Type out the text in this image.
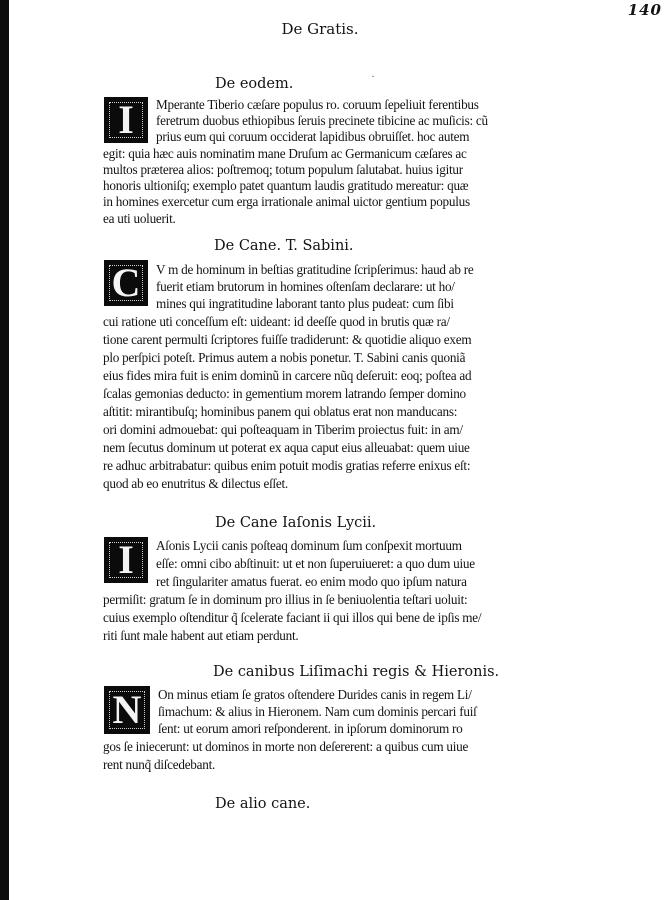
140
De Gratis.
De eodem.
I Mperante Tiberio cæſare populus ro. coruum ſepeliuit ferentibus
feretrum duobus ethiopibus ſeruis precinete tibicine ac muſicis: cũ
prius eum qui coruum occiderat lapidibus obruiſſet. hoc autem
egit: quia hæc auis nominatim mane Druſum ac Germanicum cæſares ac
multos præterea alios: poſtremoq; totum populum ſalutabat. huius igitur
honoris ultioniſq; exemplo patet quantum laudis gratitudo mereatur: quæ
in homines exercetur cum erga irrationale animal uictor gentium populus
ea uti uoluerit.
De Cane. T. Sabini.
C V m de hominum in beſtias gratitudine ſcripſerimus: haud ab re
fuerit etiam brutorum in homines oſtenſam declarare: ut ho/
mines qui ingratitudine laborant tanto plus pudeat: cum ſibi
cui ratione uti conceſſum eſt: uideant: id deeſſe quod in brutis quæ ra/
tione carent permulti ſcriptores fuiſſe tradiderunt: & quotidie aliquo exem
plo perſpici poteſt. Primus autem a nobis ponetur. T. Sabini canis quoniã
eius fides mira fuit is enim dominũ in carcere nũq deſeruit: eoq; poſtea ad
ſcalas gemonias deducto: in gementium morem latrando ſemper domino
aſtitit: mirantibuſq; hominibus panem qui oblatus erat non manducans:
ori domini admouebat: qui poſteaquam in Tiberim proiectus fuit: in am/
nem ſecutus dominum ut poterat ex aqua caput eius alleuabat: quem uiue
re adhuc arbitrabatur: quibus enim potuit modis gratias referre enixus eſt:
quod ab eo enutritus & dilectus eſſet.
De Cane Iaſonis Lycii.
I Aſonis Lycii canis poſteaq dominum ſum conſpexit mortuum
eſſe: omni cibo abſtinuit: ut et non ſuperuiueret: a quo dum uiue
ret ſingulariter amatus fuerat. eo enim modo quo ipſum natura
permiſit: gratum ſe in dominum pro illius in ſe beniuolentia teſtari uoluit:
cuius exemplo oſtenditur q̃ ſcelerate faciant ii qui illos qui bene de ipſis me/
riti ſunt male habent aut etiam perdunt.
De canibus Liſimachi regis & Hieronis.
N On minus etiam ſe gratos oſtendere Durides canis in regem Li/
ſimachum: & alius in Hieronem. Nam cum dominis percari fuiſ
ſent: ut eorum amori reſponderent. in ipſorum dominorum ro
gos ſe iniecerunt: ut dominos in morte non deſererent: a quibus cum uiue
rent nunq̃ diſcedebant.
De alio cane.
˙
